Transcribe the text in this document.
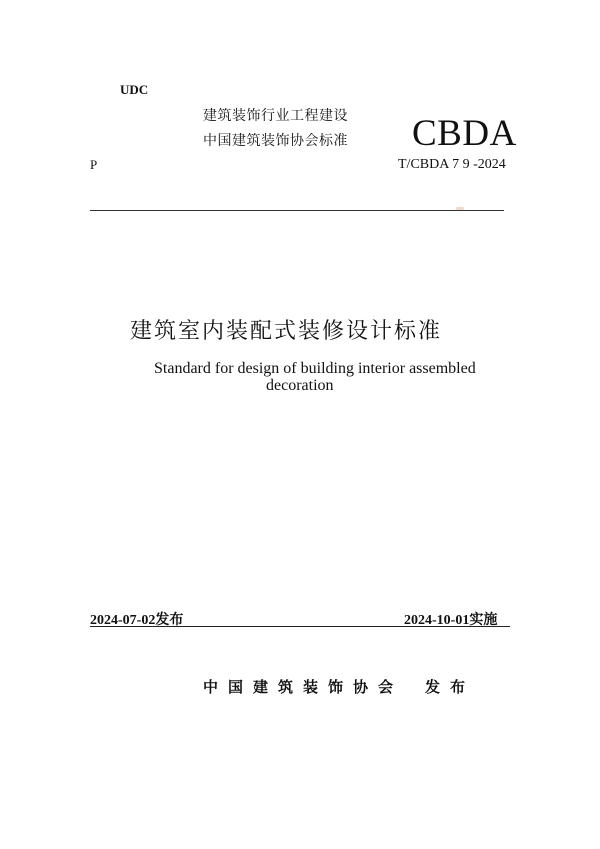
UDC
建筑装饰行业工程建设
中国建筑装饰协会标准 CBDA
P	T/CBDA 7 9 -2024
建筑室内装配式装修设计标准
Standard for design of building interior assembled
decoration
2024-07-02发布	2024-10-01实施
中国建筑装饰协会 发布
